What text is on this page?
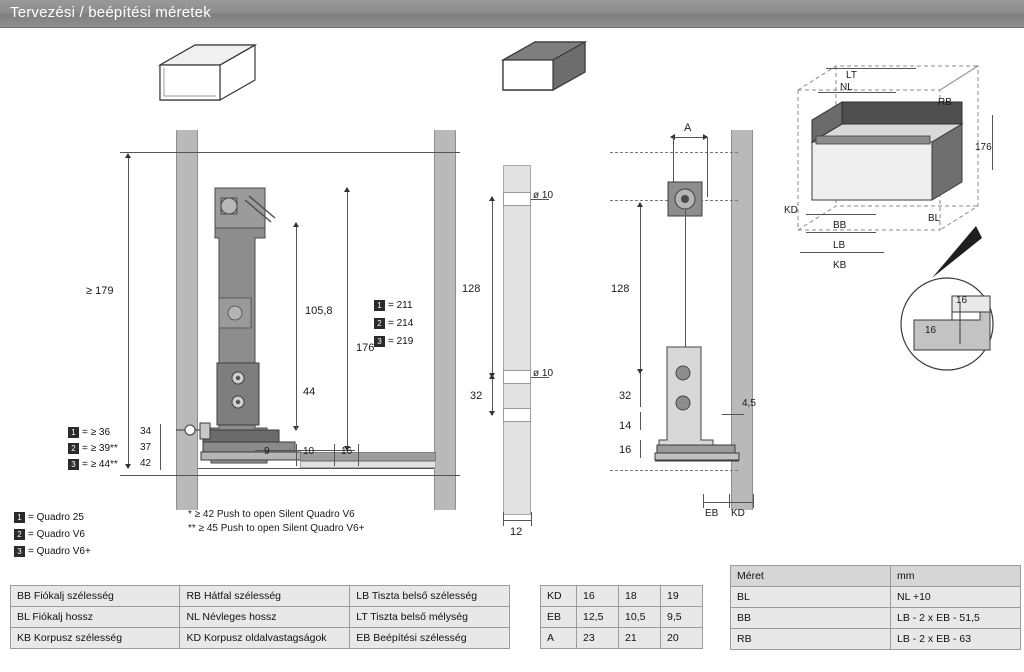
Tervezési / beépítési méretek
≥ 179
105,8
176
44
1 = 211
2 = 214
3 = 219
1 = ≥ 36
2 = ≥ 39**
3 = ≥ 44**
34
37
42
9	10	16
* ≥ 42 Push to open Silent Quadro V6
** ≥ 45 Push to open Silent Quadro V6+
1 = Quadro 25
2 = Quadro V6
3 = Quadro V6+
ø 10
ø 10
128
32
12
A
128
32
14
16
4,5
EB KD
LT
NL
RB
176
KD
BB
BL
LB
KB
16
16
BB Fiókalj szélesség	RB Hátfal szélesség	LB Tiszta belső szélesség
BL Fiókalj hossz	NL Névleges hossz	LT Tiszta belső mélység
KB Korpusz szélesség	KD Korpusz oldalvastagságok	EB Beépítési szélesség
KD	16	18	19
EB	12,5	10,5	9,5
A	23	21	20
Méret	mm
BL	NL +10
BB	LB - 2 x EB - 51,5
RB	LB - 2 x EB - 63
